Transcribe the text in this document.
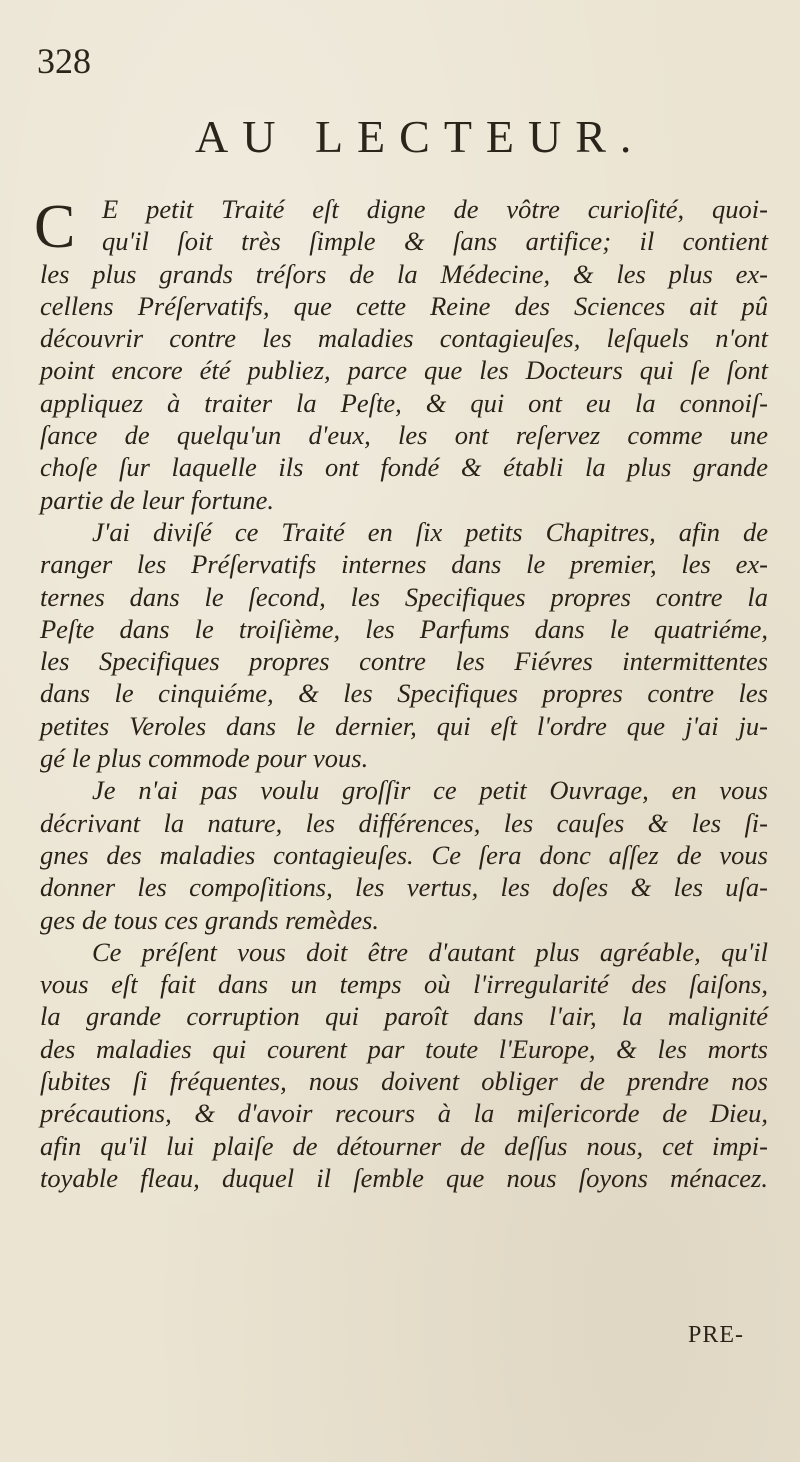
328
AU LECTEUR.
C	E petit Traité eſt digne de vôtre curioſité, quoi-
qu'il ſoit très ſimple & ſans artifice; il contient
les plus grands tréſors de la Médecine, & les plus ex-
cellens Préſervatifs, que cette Reine des Sciences ait pû
découvrir contre les maladies contagieuſes, leſquels n'ont
point encore été publiez, parce que les Docteurs qui ſe ſont
appliquez à traiter la Peſte, & qui ont eu la connoiſ-
ſance de quelqu'un d'eux, les ont reſervez comme une
choſe ſur laquelle ils ont fondé & établi la plus grande
partie de leur fortune.
J'ai diviſé ce Traité en ſix petits Chapitres, afin de
ranger les Préſervatifs internes dans le premier, les ex-
ternes dans le ſecond, les Specifiques propres contre la
Peſte dans le troiſième, les Parfums dans le quatriéme,
les Specifiques propres contre les Fiévres intermittentes
dans le cinquiéme, & les Specifiques propres contre les
petites Veroles dans le dernier, qui eſt l'ordre que j'ai ju-
gé le plus commode pour vous.
Je n'ai pas voulu groſſir ce petit Ouvrage, en vous
décrivant la nature, les différences, les cauſes & les ſi-
gnes des maladies contagieuſes. Ce ſera donc aſſez de vous
donner les compoſitions, les vertus, les doſes & les uſa-
ges de tous ces grands remèdes.
Ce préſent vous doit être d'autant plus agréable, qu'il
vous eſt fait dans un temps où l'irregularité des ſaiſons,
la grande corruption qui paroît dans l'air, la malignité
des maladies qui courent par toute l'Europe, & les morts
ſubites ſi fréquentes, nous doivent obliger de prendre nos
précautions, & d'avoir recours à la miſericorde de Dieu,
afin qu'il lui plaiſe de détourner de deſſus nous, cet impi-
toyable fleau, duquel il ſemble que nous ſoyons ménacez.
PRE-
